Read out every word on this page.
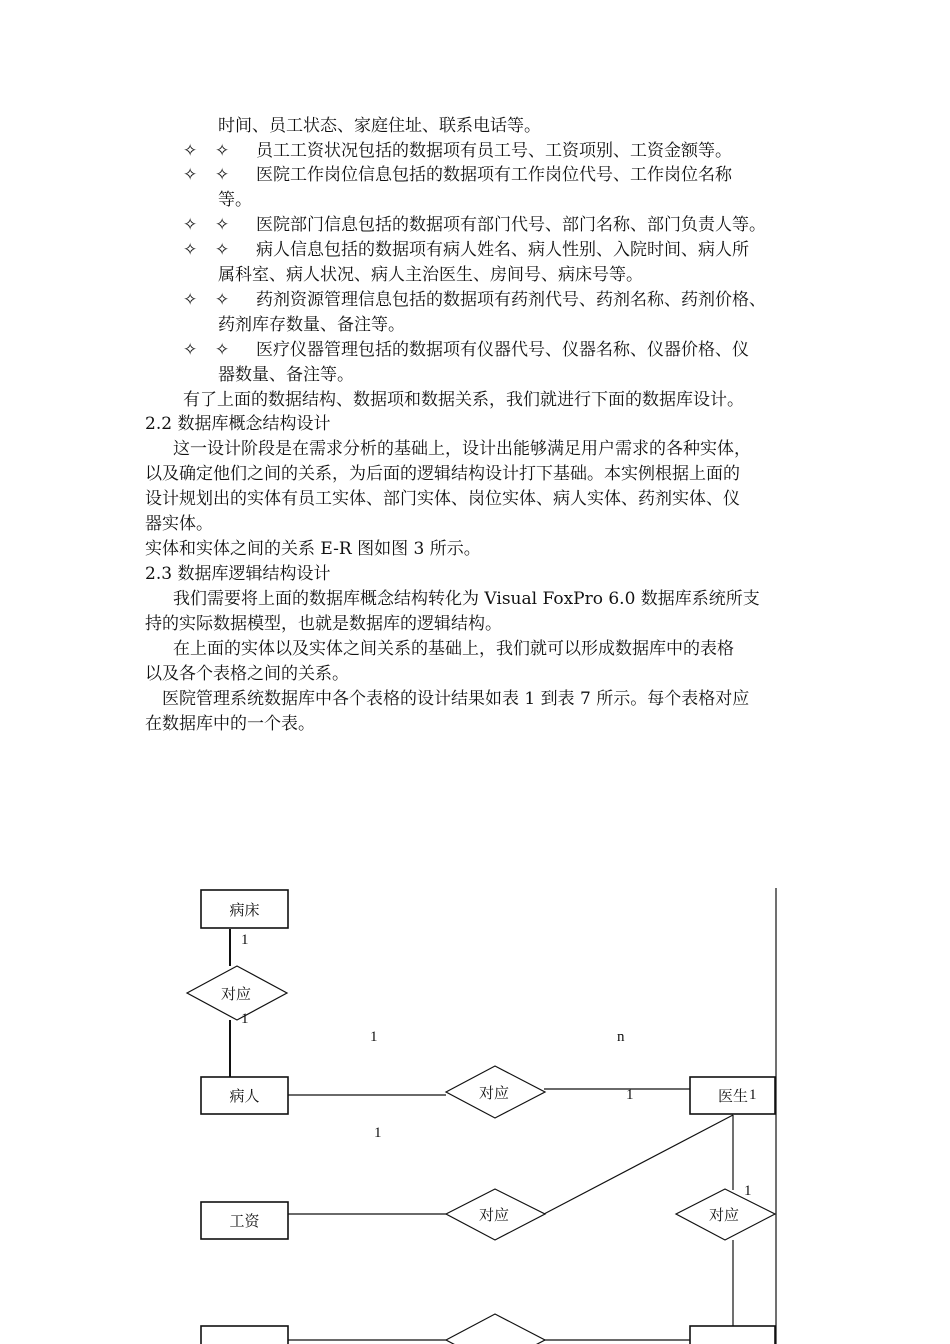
时间、员工状态、家庭住址、联系电话等。
✧ ✧ 员工工资状况包括的数据项有员工号、工资项别、工资金额等。
✧ ✧ 医院工作岗位信息包括的数据项有工作岗位代号、工作岗位名称
等。
✧ ✧ 医院部门信息包括的数据项有部门代号、部门名称、部门负责人等。
✧ ✧ 病人信息包括的数据项有病人姓名、病人性别、入院时间、病人所
属科室、病人状况、病人主治医生、房间号、病床号等。
✧ ✧ 药剂资源管理信息包括的数据项有药剂代号、药剂名称、药剂价格、
药剂库存数量、备注等。
✧ ✧ 医疗仪器管理包括的数据项有仪器代号、仪器名称、仪器价格、仪
器数量、备注等。
有了上面的数据结构、数据项和数据关系，我们就进行下面的数据库设计。
2.2 数据库概念结构设计
这一设计阶段是在需求分析的基础上，设计出能够满足用户需求的各种实体，
以及确定他们之间的关系，为后面的逻辑结构设计打下基础。本实例根据上面的
设计规划出的实体有员工实体、部门实体、岗位实体、病人实体、药剂实体、仪
器实体。
实体和实体之间的关系 E-R 图如图 3 所示。
2.3 数据库逻辑结构设计
我们需要将上面的数据库概念结构转化为 Visual FoxPro 6.0 数据库系统所支
持的实际数据模型，也就是数据库的逻辑结构。
在上面的实体以及实体之间关系的基础上，我们就可以形成数据库中的表格
以及各个表格之间的关系。
医院管理系统数据库中各个表格的设计结果如表 1 到表 7 所示。每个表格对应
在数据库中的一个表。
病床
病人	医生
工资
对应
对应
对应	对应
1
1
1	n
1	1
1
1
